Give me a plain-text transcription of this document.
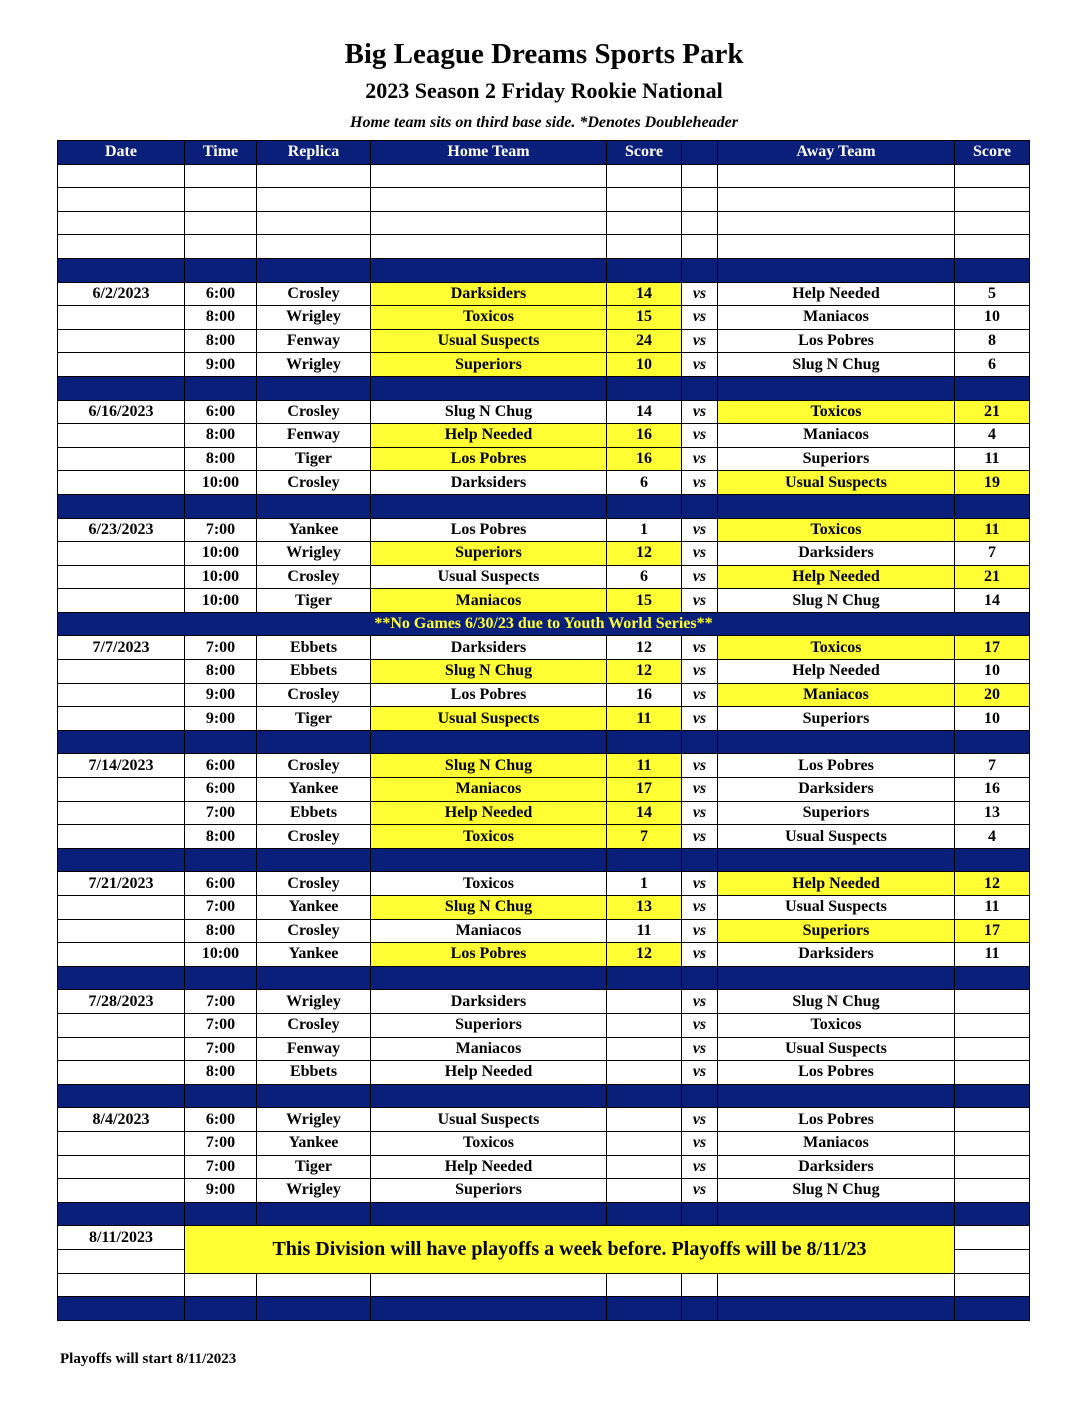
Big League Dreams Sports Park
2023 Season 2 Friday Rookie National
Home team sits on third base side. *Denotes Doubleheader
Date	Time	Replica	Home Team	Score		Away Team	Score

6/2/2023	6:00	Crosley	Darksiders	14	vs	Help Needed	5
	8:00	Wrigley	Toxicos	15	vs	Maniacos	10
	8:00	Fenway	Usual Suspects	24	vs	Los Pobres	8
	9:00	Wrigley	Superiors	10	vs	Slug N Chug	6

6/16/2023	6:00	Crosley	Slug N Chug	14	vs	Toxicos	21
	8:00	Fenway	Help Needed	16	vs	Maniacos	4
	8:00	Tiger	Los Pobres	16	vs	Superiors	11
	10:00	Crosley	Darksiders	6	vs	Usual Suspects	19

6/23/2023	7:00	Yankee	Los Pobres	1	vs	Toxicos	11
	10:00	Wrigley	Superiors	12	vs	Darksiders	7
	10:00	Crosley	Usual Suspects	6	vs	Help Needed	21
	10:00	Tiger	Maniacos	15	vs	Slug N Chug	14
**No Games 6/30/23 due to Youth World Series**							
7/7/2023	7:00	Ebbets	Darksiders	12	vs	Toxicos	17
	8:00	Ebbets	Slug N Chug	12	vs	Help Needed	10
	9:00	Crosley	Los Pobres	16	vs	Maniacos	20
	9:00	Tiger	Usual Suspects	11	vs	Superiors	10

7/14/2023	6:00	Crosley	Slug N Chug	11	vs	Los Pobres	7
	6:00	Yankee	Maniacos	17	vs	Darksiders	16
	7:00	Ebbets	Help Needed	14	vs	Superiors	13
	8:00	Crosley	Toxicos	7	vs	Usual Suspects	4

7/21/2023	6:00	Crosley	Toxicos	1	vs	Help Needed	12
	7:00	Yankee	Slug N Chug	13	vs	Usual Suspects	11
	8:00	Crosley	Maniacos	11	vs	Superiors	17
	10:00	Yankee	Los Pobres	12	vs	Darksiders	11

7/28/2023	7:00	Wrigley	Darksiders		vs	Slug N Chug	
	7:00	Crosley	Superiors		vs	Toxicos	
	7:00	Fenway	Maniacos		vs	Usual Suspects	
	8:00	Ebbets	Help Needed		vs	Los Pobres	

8/4/2023	6:00	Wrigley	Usual Suspects		vs	Los Pobres	
	7:00	Yankee	Toxicos		vs	Maniacos	
	7:00	Tiger	Help Needed		vs	Darksiders	
	9:00	Wrigley	Superiors		vs	Slug N Chug	

8/11/2023	This Division will have playoffs a week before. Playoffs will be 8/11/23						

Playoffs will start 8/11/2023
